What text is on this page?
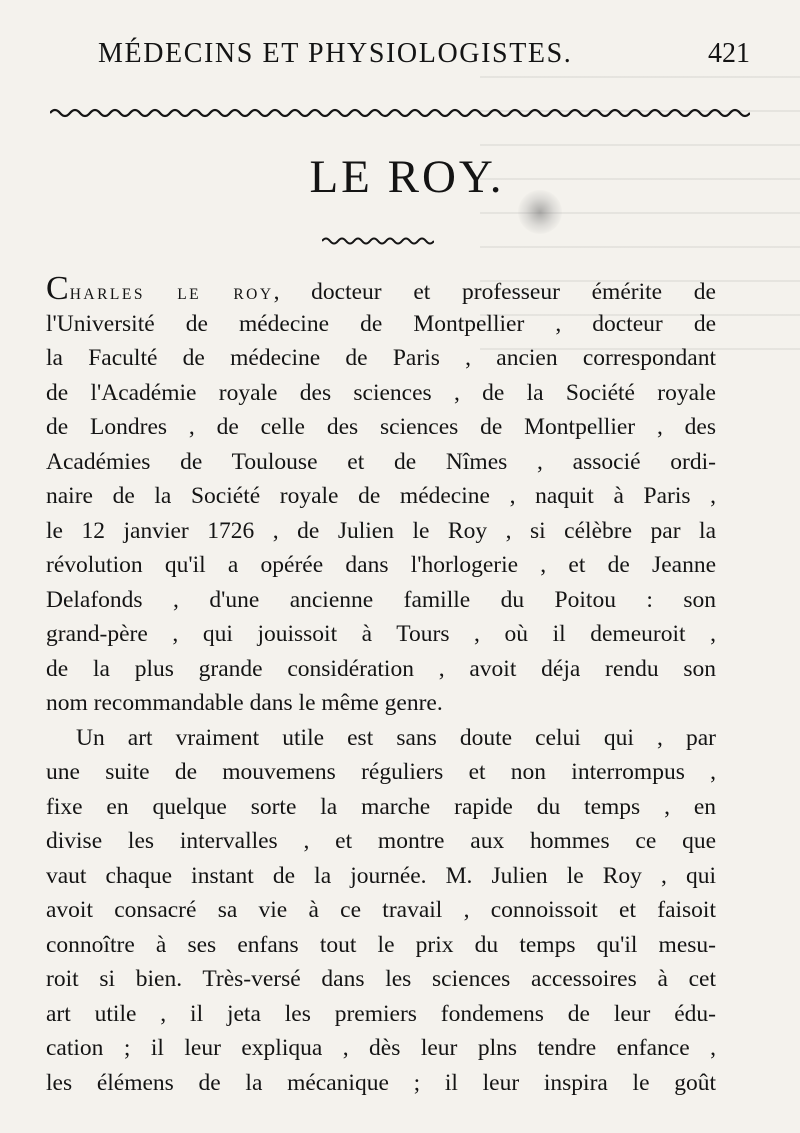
MÉDECINS ET PHYSIOLOGISTES.	421
LE ROY.
CHARLES LE ROY, docteur et professeur émérite de
l'Université de médecine de Montpellier , docteur de
la Faculté de médecine de Paris , ancien correspondant
de l'Académie royale des sciences , de la Société royale
de Londres , de celle des sciences de Montpellier , des
Académies de Toulouse et de Nîmes , associé ordi-
naire de la Société royale de médecine , naquit à Paris ,
le 12 janvier 1726 , de Julien le Roy , si célèbre par la
révolution qu'il a opérée dans l'horlogerie , et de Jeanne
Delafonds , d'une ancienne famille du Poitou : son
grand-père , qui jouissoit à Tours , où il demeuroit ,
de la plus grande considération , avoit déja rendu son
nom recommandable dans le même genre.
Un art vraiment utile est sans doute celui qui , par
une suite de mouvemens réguliers et non interrompus ,
fixe en quelque sorte la marche rapide du temps , en
divise les intervalles , et montre aux hommes ce que
vaut chaque instant de la journée. M. Julien le Roy , qui
avoit consacré sa vie à ce travail , connoissoit et faisoit
connoître à ses enfans tout le prix du temps qu'il mesu-
roit si bien. Très-versé dans les sciences accessoires à cet
art utile , il jeta les premiers fondemens de leur édu-
cation ; il leur expliqua , dès leur plns tendre enfance ,
les élémens de la mécanique ; il leur inspira le goût
